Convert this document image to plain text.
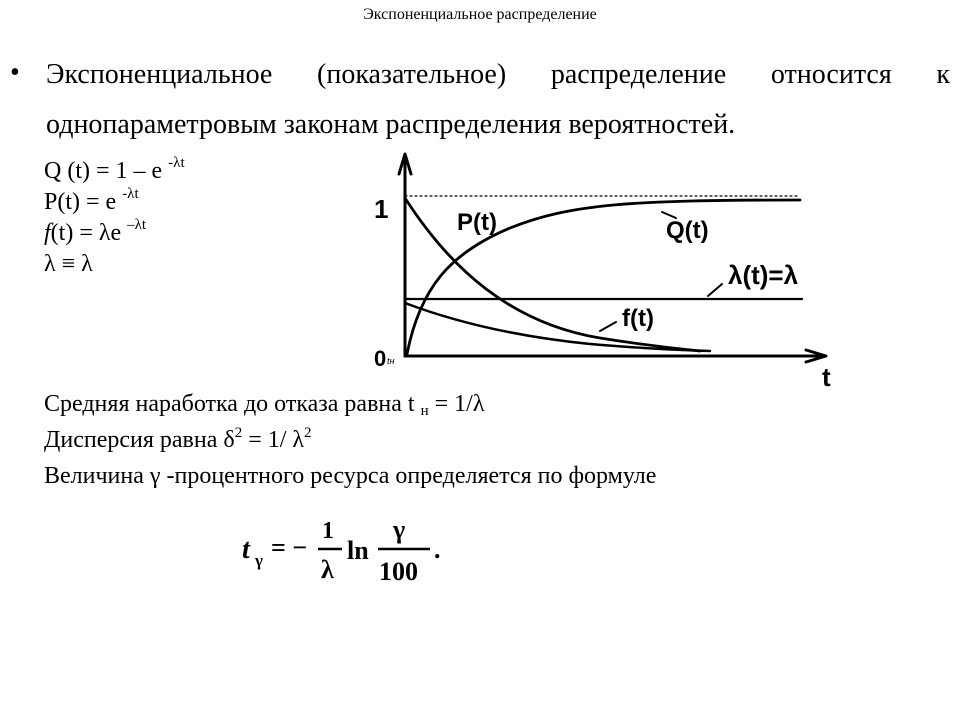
Экспоненциальное распределение
• Экспоненциальное (показательное) распределение относится к однопараметровым законам распределения вероятностей.
Q (t) = 1 – e $^{-\lambda t}$
P(t) = e $^{-\lambda t}$
f(t) = λe $^{-\lambda t}$
λ ≡ λ
1
0
t
tн
P(t)	Q(t)
λ(t)=λ
f(t)
Средняя наработка до отказа равна t $_н$ = 1/λ
Дисперсия равна $\delta^2 = 1/$ $\lambda^2$
Величина γ -процентного ресурса определяется по формуле
t γ = −
1
λ
ln
γ
100
.
